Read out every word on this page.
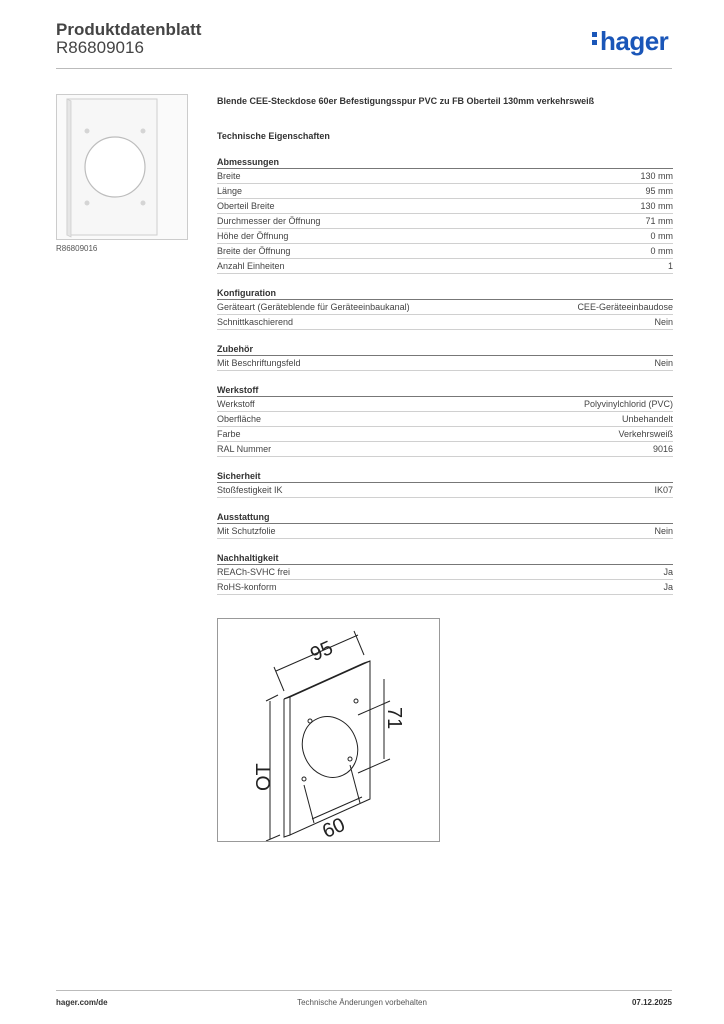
Produktdatenblatt
R86809016	hager
R86809016
Blende CEE-Steckdose 60er Befestigungsspur PVC zu FB Oberteil 130mm verkehrsweiß
Technische Eigenschaften
Abmessungen
Breite	130 mm
Länge	95 mm
Oberteil Breite	130 mm
Durchmesser der Öffnung	71 mm
Höhe der Öffnung	0 mm
Breite der Öffnung	0 mm
Anzahl Einheiten	1
Konfiguration
Geräteart (Geräteblende für Geräteeinbaukanal)	CEE-Geräteeinbaudose
Schnittkaschierend	Nein
Zubehör
Mit Beschriftungsfeld	Nein
Werkstoff
Werkstoff	Polyvinylchlorid (PVC)
Oberfläche	Unbehandelt
Farbe	Verkehrsweiß
RAL Nummer	9016
Sicherheit
Stoßfestigkeit IK	IK07
Ausstattung
Mit Schutzfolie	Nein
Nachhaltigkeit
REACh-SVHC frei	Ja
RoHS-konform	Ja
95
71
OT
60
hager.com/de	Technische Änderungen vorbehalten	07.12.2025
